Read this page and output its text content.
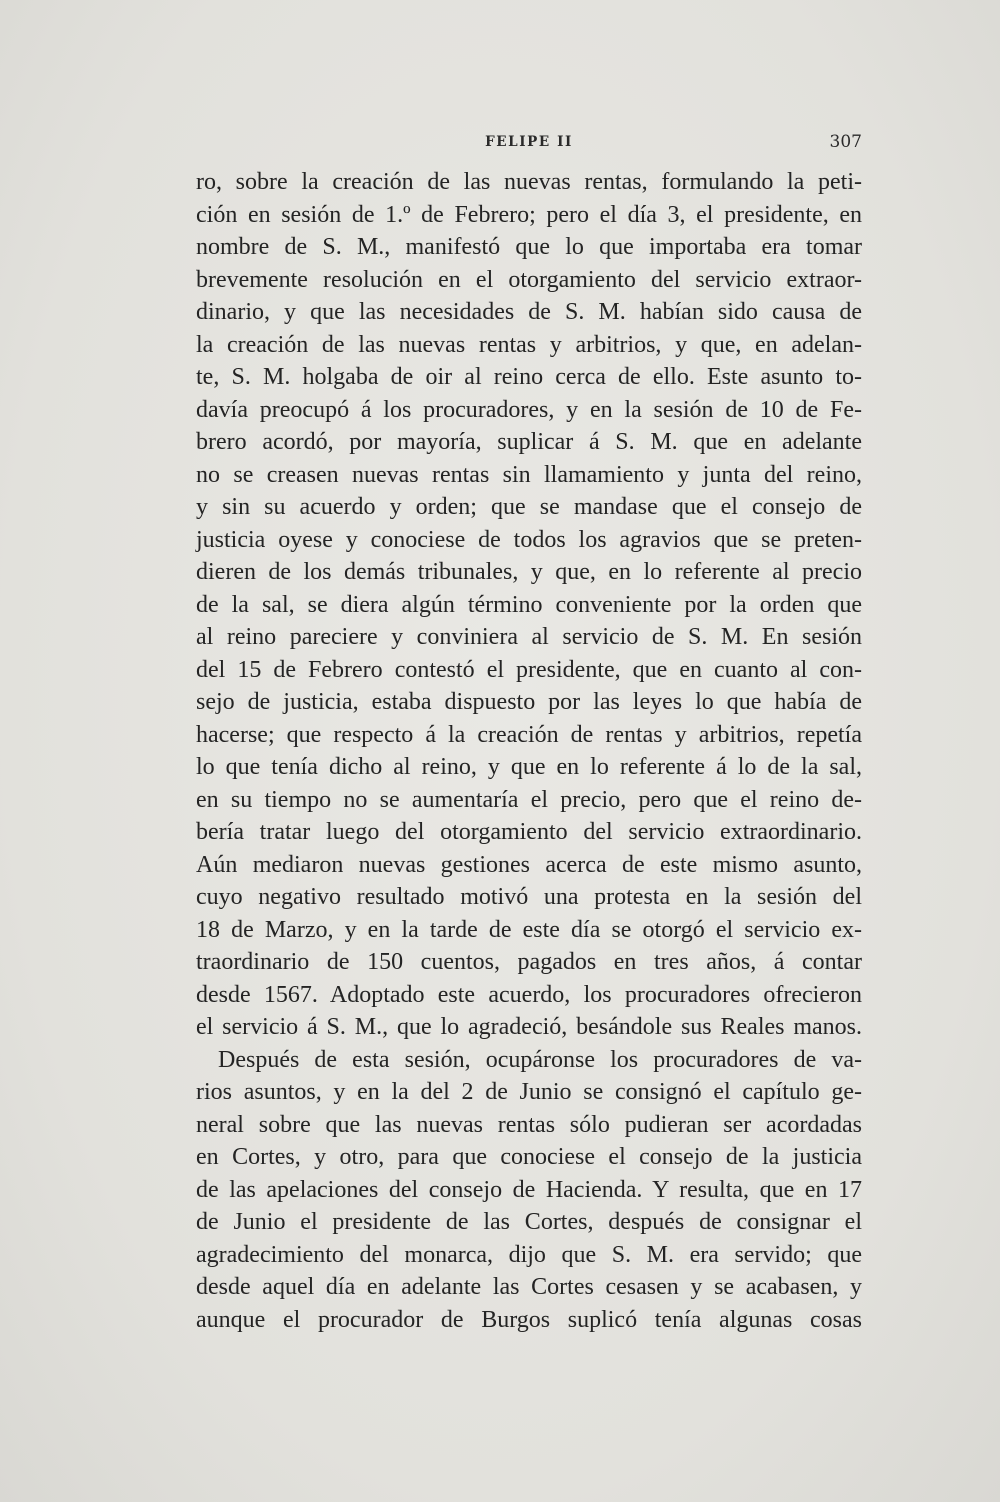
FELIPE II	307
ro, sobre la creación de las nuevas rentas, formulando la peti-
ción en sesión de 1.º de Febrero; pero el día 3, el presidente, en
nombre de S. M., manifestó que lo que importaba era tomar
brevemente resolución en el otorgamiento del servicio extraor-
dinario, y que las necesidades de S. M. habían sido causa de
la creación de las nuevas rentas y arbitrios, y que, en adelan-
te, S. M. holgaba de oir al reino cerca de ello. Este asunto to-
davía preocupó á los procuradores, y en la sesión de 10 de Fe-
brero acordó, por mayoría, suplicar á S. M. que en adelante
no se creasen nuevas rentas sin llamamiento y junta del reino,
y sin su acuerdo y orden; que se mandase que el consejo de
justicia oyese y conociese de todos los agravios que se preten-
dieren de los demás tribunales, y que, en lo referente al precio
de la sal, se diera algún término conveniente por la orden que
al reino pareciere y conviniera al servicio de S. M. En sesión
del 15 de Febrero contestó el presidente, que en cuanto al con-
sejo de justicia, estaba dispuesto por las leyes lo que había de
hacerse; que respecto á la creación de rentas y arbitrios, repetía
lo que tenía dicho al reino, y que en lo referente á lo de la sal,
en su tiempo no se aumentaría el precio, pero que el reino de-
bería tratar luego del otorgamiento del servicio extraordinario.
Aún mediaron nuevas gestiones acerca de este mismo asunto,
cuyo negativo resultado motivó una protesta en la sesión del
18 de Marzo, y en la tarde de este día se otorgó el servicio ex-
traordinario de 150 cuentos, pagados en tres años, á contar
desde 1567. Adoptado este acuerdo, los procuradores ofrecieron
el servicio á S. M., que lo agradeció, besándole sus Reales manos.
Después de esta sesión, ocupáronse los procuradores de va-
rios asuntos, y en la del 2 de Junio se consignó el capítulo ge-
neral sobre que las nuevas rentas sólo pudieran ser acordadas
en Cortes, y otro, para que conociese el consejo de la justicia
de las apelaciones del consejo de Hacienda. Y resulta, que en 17
de Junio el presidente de las Cortes, después de consignar el
agradecimiento del monarca, dijo que S. M. era servido; que
desde aquel día en adelante las Cortes cesasen y se acabasen, y
aunque el procurador de Burgos suplicó tenía algunas cosas
